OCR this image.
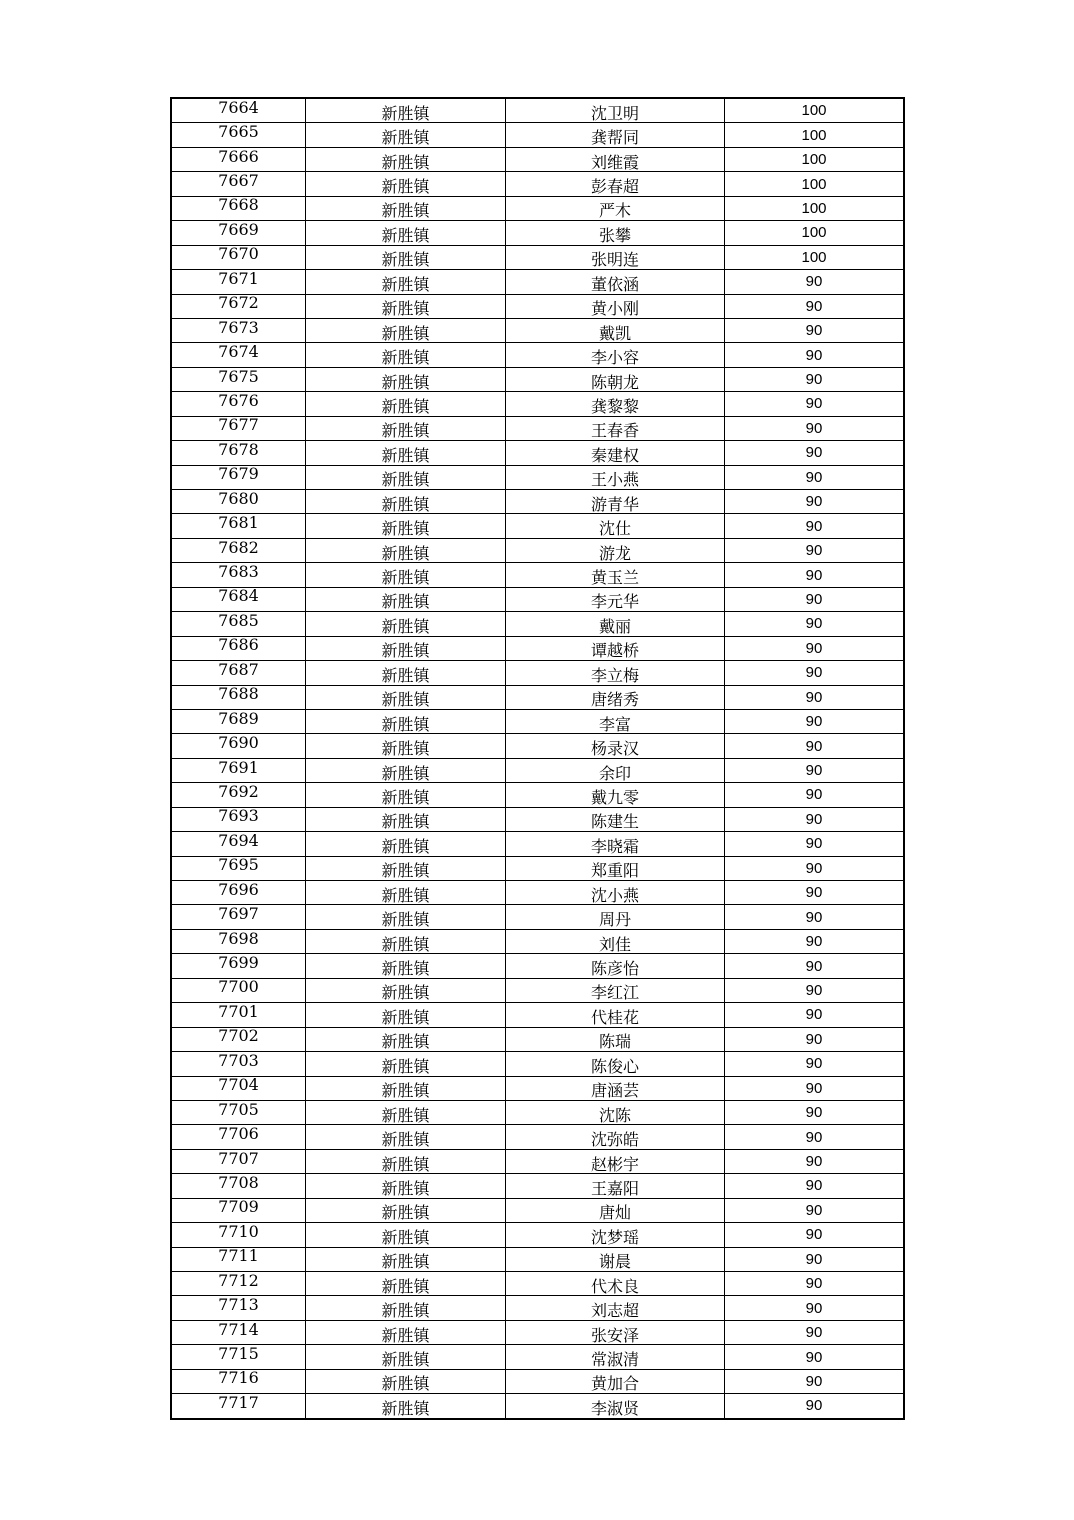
7664	新胜镇	沈卫明	100
7665	新胜镇	龚帮同	100
7666	新胜镇	刘维霞	100
7667	新胜镇	彭春超	100
7668	新胜镇	严木	100
7669	新胜镇	张攀	100
7670	新胜镇	张明连	100
7671	新胜镇	董依涵	90
7672	新胜镇	黄小刚	90
7673	新胜镇	戴凯	90
7674	新胜镇	李小容	90
7675	新胜镇	陈朝龙	90
7676	新胜镇	龚黎黎	90
7677	新胜镇	王春香	90
7678	新胜镇	秦建权	90
7679	新胜镇	王小燕	90
7680	新胜镇	游青华	90
7681	新胜镇	沈仕	90
7682	新胜镇	游龙	90
7683	新胜镇	黄玉兰	90
7684	新胜镇	李元华	90
7685	新胜镇	戴丽	90
7686	新胜镇	谭越桥	90
7687	新胜镇	李立梅	90
7688	新胜镇	唐绪秀	90
7689	新胜镇	李富	90
7690	新胜镇	杨录汉	90
7691	新胜镇	余印	90
7692	新胜镇	戴九零	90
7693	新胜镇	陈建生	90
7694	新胜镇	李晓霜	90
7695	新胜镇	郑重阳	90
7696	新胜镇	沈小燕	90
7697	新胜镇	周丹	90
7698	新胜镇	刘佳	90
7699	新胜镇	陈彦怡	90
7700	新胜镇	李红江	90
7701	新胜镇	代桂花	90
7702	新胜镇	陈瑞	90
7703	新胜镇	陈俊心	90
7704	新胜镇	唐涵芸	90
7705	新胜镇	沈陈	90
7706	新胜镇	沈弥皓	90
7707	新胜镇	赵彬宇	90
7708	新胜镇	王嘉阳	90
7709	新胜镇	唐灿	90
7710	新胜镇	沈梦瑶	90
7711	新胜镇	谢晨	90
7712	新胜镇	代术良	90
7713	新胜镇	刘志超	90
7714	新胜镇	张安泽	90
7715	新胜镇	常淑清	90
7716	新胜镇	黄加合	90
7717	新胜镇	李淑贤	90
